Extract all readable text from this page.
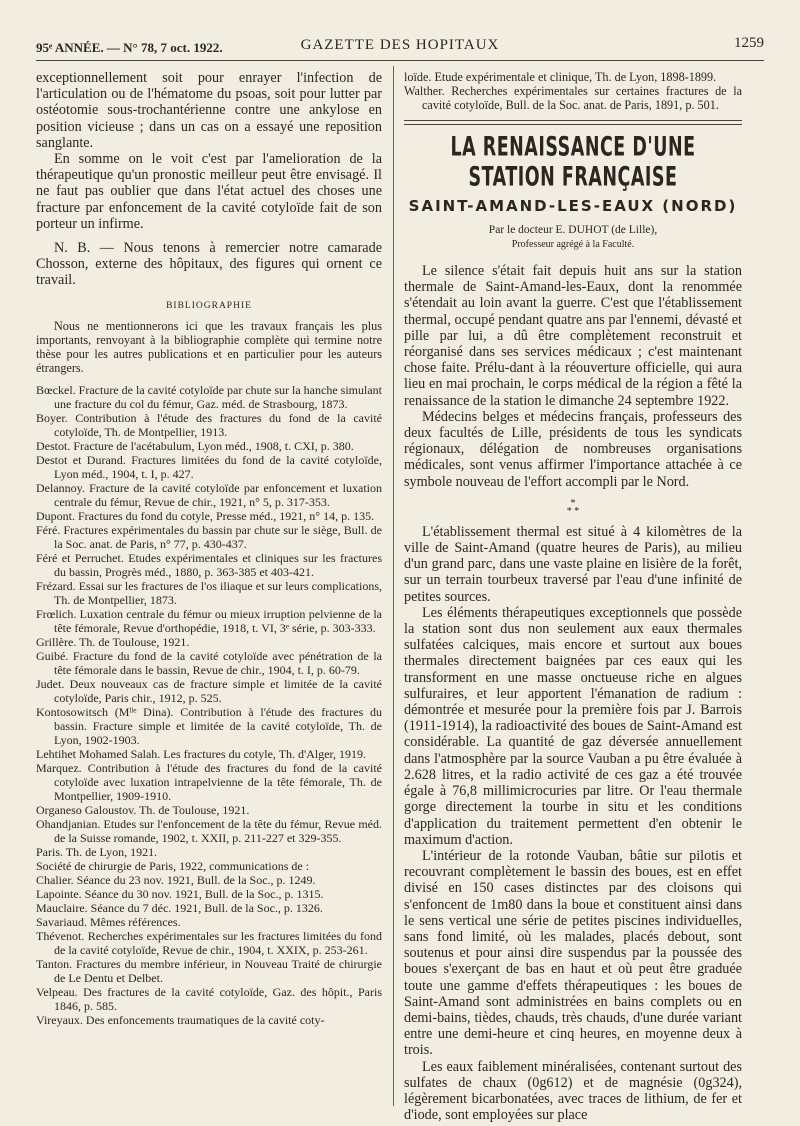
95ᵉ ANNÉE. — N° 78, 7 oct. 1922.	GAZETTE DES HOPITAUX	1259

exceptionnellement soit pour enrayer l'infection de l'articulation ou de l'hématome du psoas, soit pour lutter par ostéotomie sous-trochantérienne contre une ankylose en position vicieuse ; dans un cas on a essayé une reposition sanglante.

En somme on le voit c'est par l'amelioration de la thérapeutique qu'un pronostic meilleur peut être envisagé. Il ne faut pas oublier que dans l'état actuel des choses une fracture par enfoncement de la cavité cotyloïde fait de son porteur un infirme.

N. B. — Nous tenons à remercier notre camarade Chosson, externe des hôpitaux, des figures qui ornent ce travail.

BIBLIOGRAPHIE

Nous ne mentionnerons ici que les travaux français les plus importants, renvoyant à la bibliographie complète qui termine notre thèse pour les autres publications et en particulier pour les auteurs étrangers.

Bœckel. Fracture de la cavité cotyloïde par chute sur la hanche simulant une fracture du col du fémur, Gaz. méd. de Strasbourg, 1873.

Boyer. Contribution à l'étude des fractures du fond de la cavité cotyloïde, Th. de Montpellier, 1913.

Destot. Fracture de l'acétabulum, Lyon méd., 1908, t. CXI, p. 380.

Destot et Durand. Fractures limitées du fond de la cavité cotyloïde, Lyon méd., 1904, t. I, p. 427.

Delannoy. Fracture de la cavité cotyloïde par enfoncement et luxation centrale du fémur, Revue de chir., 1921, n° 5, p. 317-353.

Dupont. Fractures du fond du cotyle, Presse méd., 1921, n° 14, p. 135.

Féré. Fractures expérimentales du bassin par chute sur le siège, Bull. de la Soc. anat. de Paris, n° 77, p. 430-437.

Féré et Perruchet. Etudes expérimentales et cliniques sur les fractures du bassin, Progrès méd., 1880, p. 363-385 et 403-421.

Frézard. Essai sur les fractures de l'os iliaque et sur leurs complications, Th. de Montpellier, 1873.

Frœlich. Luxation centrale du fémur ou mieux irruption pelvienne de la tête fémorale, Revue d'orthopédie, 1918, t. VI, 3ᵉ série, p. 303-333.

Grillère. Th. de Toulouse, 1921.

Guibé. Fracture du fond de la cavité cotyloïde avec pénétration de la tête fémorale dans le bassin, Revue de chir., 1904, t. I, p. 60-79.

Judet. Deux nouveaux cas de fracture simple et limitée de la cavité cotyloïde, Paris chir., 1912, p. 525.

Kontosowitsch (Mˡˡᵉ Dina). Contribution à l'étude des fractures du bassin. Fracture simple et limitée de la cavité cotyloïde, Th. de Lyon, 1902-1903.

Lehtihet Mohamed Salah. Les fractures du cotyle, Th. d'Alger, 1919.

Marquez. Contribution à l'étude des fractures du fond de la cavité cotyloïde avec luxation intrapelvienne de la tête fémorale, Th. de Montpellier, 1909-1910.

Organeso Galoustov. Th. de Toulouse, 1921.

Ohandjanian. Etudes sur l'enfoncement de la tête du fémur, Revue méd. de la Suisse romande, 1902, t. XXII, p. 211-227 et 329-355.

Paris. Th. de Lyon, 1921.

Société de chirurgie de Paris, 1922, communications de :

Chalier. Séance du 23 nov. 1921, Bull. de la Soc., p. 1249.

Lapointe. Séance du 30 nov. 1921, Bull. de la Soc., p. 1315.

Mauclaire. Séance du 7 déc. 1921, Bull. de la Soc., p. 1326.

Savariaud. Mêmes références.

Thévenot. Recherches expérimentales sur les fractures limitées du fond de la cavité cotyloïde, Revue de chir., 1904, t. XXIX, p. 253-261.

Tanton. Fractures du membre inférieur, in Nouveau Traité de chirurgie de Le Dentu et Delbet.

Velpeau. Des fractures de la cavité cotyloïde, Gaz. des hôpit., Paris 1846, p. 585.

Vireyaux. Des enfoncements traumatiques de la cavité coty-

loïde. Etude expérimentale et clinique, Th. de Lyon, 1898-1899.

Walther. Recherches expérimentales sur certaines fractures de la cavité cotyloïde, Bull. de la Soc. anat. de Paris, 1891, p. 501.

LA RENAISSANCE D'UNE STATION FRANÇAISE
SAINT-AMAND-LES-EAUX (NORD)
Par le docteur E. DUHOT (de Lille),
Professeur agrégé à la Faculté.

Le silence s'était fait depuis huit ans sur la station thermale de Saint-Amand-les-Eaux, dont la renommée s'étendait au loin avant la guerre. C'est que l'établissement thermal, occupé pendant quatre ans par l'ennemi, dévasté et pille par lui, a dû être complètement reconstruit et réorganisé dans ses services médicaux ; c'est maintenant chose faite. Prélu-dant à la réouverture officielle, qui aura lieu en mai prochain, le corps médical de la région a fêté la renaissance de la station le dimanche 24 septembre 1922.

Médecins belges et médecins français, professeurs des deux facultés de Lille, présidents de tous les syndicats régionaux, délégation de nombreuses organisations médicales, sont venus affirmer l'importance attachée à ce symbole nouveau de l'effort accompli par le Nord.

*
* *

L'établissement thermal est situé à 4 kilomètres de la ville de Saint-Amand (quatre heures de Paris), au milieu d'un grand parc, dans une vaste plaine en lisière de la forêt, sur un terrain tourbeux traversé par l'eau d'une infinité de petites sources.

Les éléments thérapeutiques exceptionnels que possède la station sont dus non seulement aux eaux thermales sulfatées calciques, mais encore et surtout aux boues thermales directement baignées par ces eaux qui les transforment en une masse onctueuse riche en algues sulfuraires, et leur apportent l'émanation de radium : démontrée et mesurée pour la première fois par J. Barrois (1911-1914), la radioactivité des boues de Saint-Amand est considérable. La quantité de gaz déversée annuellement dans l'atmosphère par la source Vauban a pu être évaluée à 2.628 litres, et la radio activité de ces gaz a été trouvée égale à 76,8 millimicrocuries par litre. Or l'eau thermale gorge directement la tourbe in situ et les conditions d'application du traitement permettent d'en obtenir le maximum d'action.

L'intérieur de la rotonde Vauban, bâtie sur pilotis et recouvrant complètement le bassin des boues, est en effet divisé en 150 cases distinctes par des cloisons qui s'enfoncent de 1m80 dans la boue et constituent ainsi dans le sens vertical une série de petites piscines individuelles, sans fond limité, où les malades, placés debout, sont soutenus et pour ainsi dire suspendus par la poussée des boues s'exerçant de bas en haut et où peut être graduée toute une gamme d'effets thérapeutiques : les boues de Saint-Amand sont administrées en bains complets ou en demi-bains, tièdes, chauds, très chauds, d'une durée variant entre une demi-heure et cinq heures, en moyenne deux à trois.

Les eaux faiblement minéralisées, contenant surtout des sulfates de chaux (0g612) et de magnésie (0g324), légèrement bicarbonatées, avec traces de lithium, de fer et d'iode, sont employées sur place
